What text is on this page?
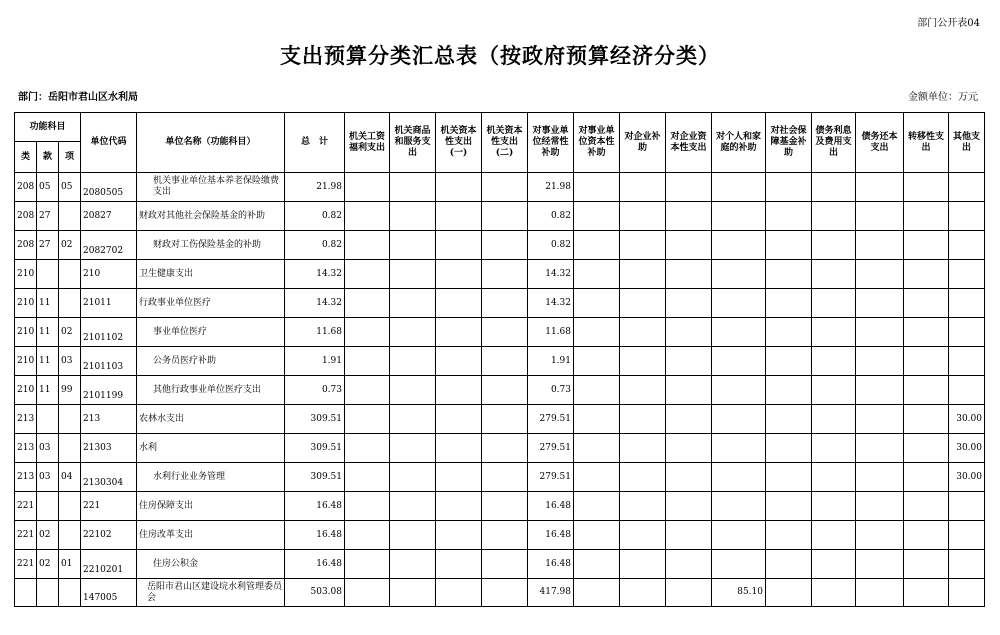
部门公开表04
支出预算分类汇总表（按政府预算经济分类）
部门：岳阳市君山区水利局	金额单位：万元
功能科目			单位代码	单位名称（功能科目）	总　计	机关工资福利支出	机关商品和服务支出	机关资本性支出(一)	机关资本性支出(二)	对事业单位经常性补助	对事业单位资本性补助	对企业补助	对企业资本性支出	对个人和家庭的补助	对社会保障基金补助	债务利息及费用支出	债务还本支出	转移性支出	其他支出
类	款	项																	
208	05	05	2080505	机关事业单位基本养老保险缴费支出	21.98					21.98									
208	27		20827	财政对其他社会保险基金的补助	0.82					0.82									
208	27	02	2082702	财政对工伤保险基金的补助	0.82					0.82									
210			210	卫生健康支出	14.32					14.32									
210	11		21011	行政事业单位医疗	14.32					14.32									
210	11	02	2101102	事业单位医疗	11.68					11.68									
210	11	03	2101103	公务员医疗补助	1.91					1.91									
210	11	99	2101199	其他行政事业单位医疗支出	0.73					0.73									
213			213	农林水支出	309.51					279.51									30.00
213	03		21303	水利	309.51					279.51									30.00
213	03	04	2130304	水利行业业务管理	309.51					279.51									30.00
221			221	住房保障支出	16.48					16.48									
221	02		22102	住房改革支出	16.48					16.48									
221	02	01	2210201	住房公积金	16.48					16.48									
			147005	岳阳市君山区建设垸水利管理委员会	503.08					417.98				85.10					
